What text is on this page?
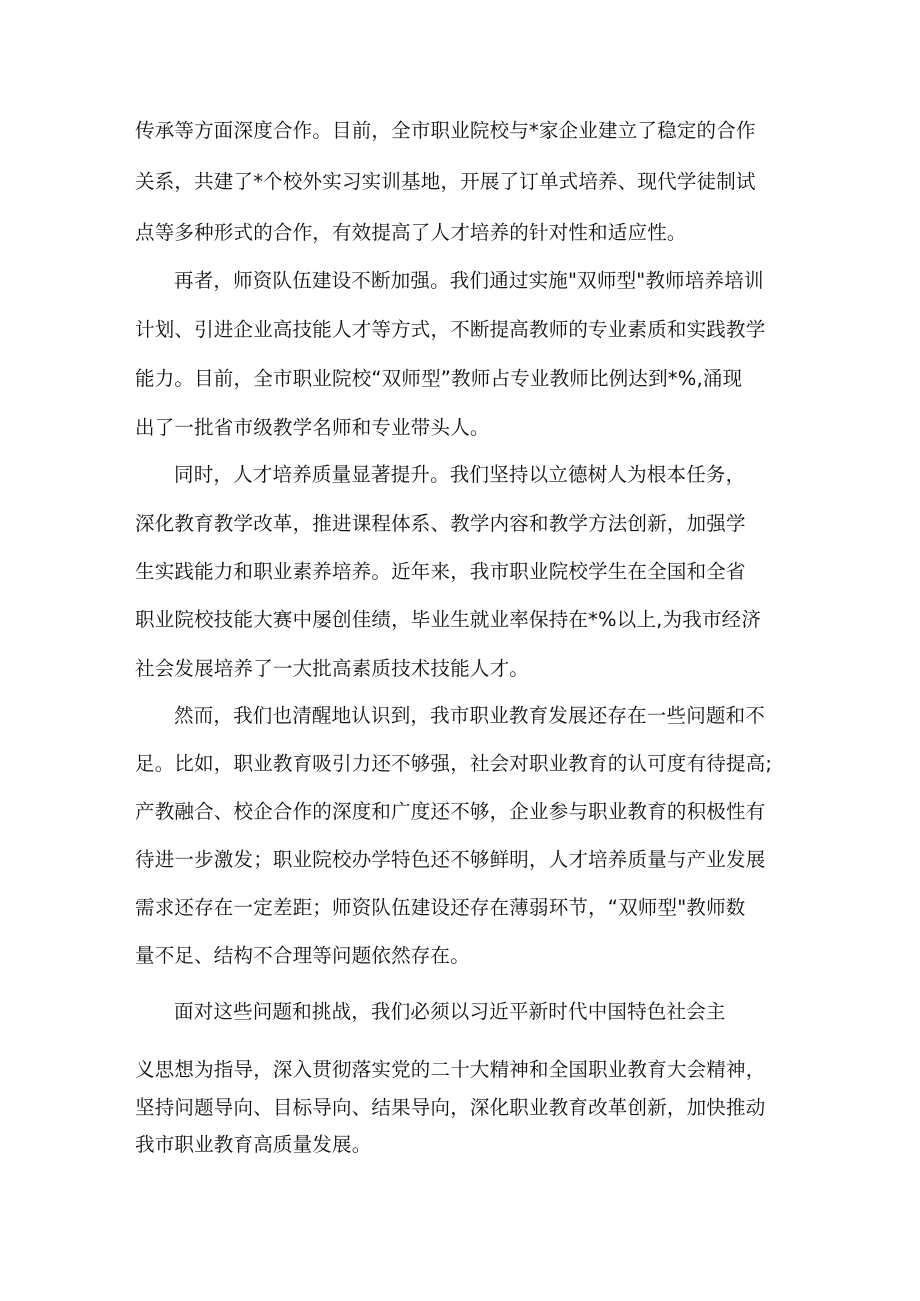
传承等方面深度合作。目前，全市职业院校与*家企业建立了稳定的合作
关系，共建了*个校外实习实训基地，开展了订单式培养、现代学徒制试
点等多种形式的合作，有效提高了人才培养的针对性和适应性。
再者，师资队伍建设不断加强。我们通过实施"双师型"教师培养培训
计划、引进企业高技能人才等方式，不断提高教师的专业素质和实践教学
能力。目前，全市职业院校“双师型”教师占专业教师比例达到*%,涌现
出了一批省市级教学名师和专业带头人。
同时，人才培养质量显著提升。我们坚持以立德树人为根本任务，
深化教育教学改革，推进课程体系、教学内容和教学方法创新，加强学
生实践能力和职业素养培养。近年来，我市职业院校学生在全国和全省
职业院校技能大赛中屡创佳绩，毕业生就业率保持在*%以上,为我市经济
社会发展培养了一大批高素质技术技能人才。
然而，我们也清醒地认识到，我市职业教育发展还存在一些问题和不
足。比如，职业教育吸引力还不够强，社会对职业教育的认可度有待提高;
产教融合、校企合作的深度和广度还不够，企业参与职业教育的积极性有
待进一步激发；职业院校办学特色还不够鲜明，人才培养质量与产业发展
需求还存在一定差距；师资队伍建设还存在薄弱环节，“双师型"教师数
量不足、结构不合理等问题依然存在。
面对这些问题和挑战，我们必须以习近平新时代中国特色社会主
义思想为指导，深入贯彻落实党的二十大精神和全国职业教育大会精神，
坚持问题导向、目标导向、结果导向，深化职业教育改革创新，加快推动
我市职业教育高质量发展。
